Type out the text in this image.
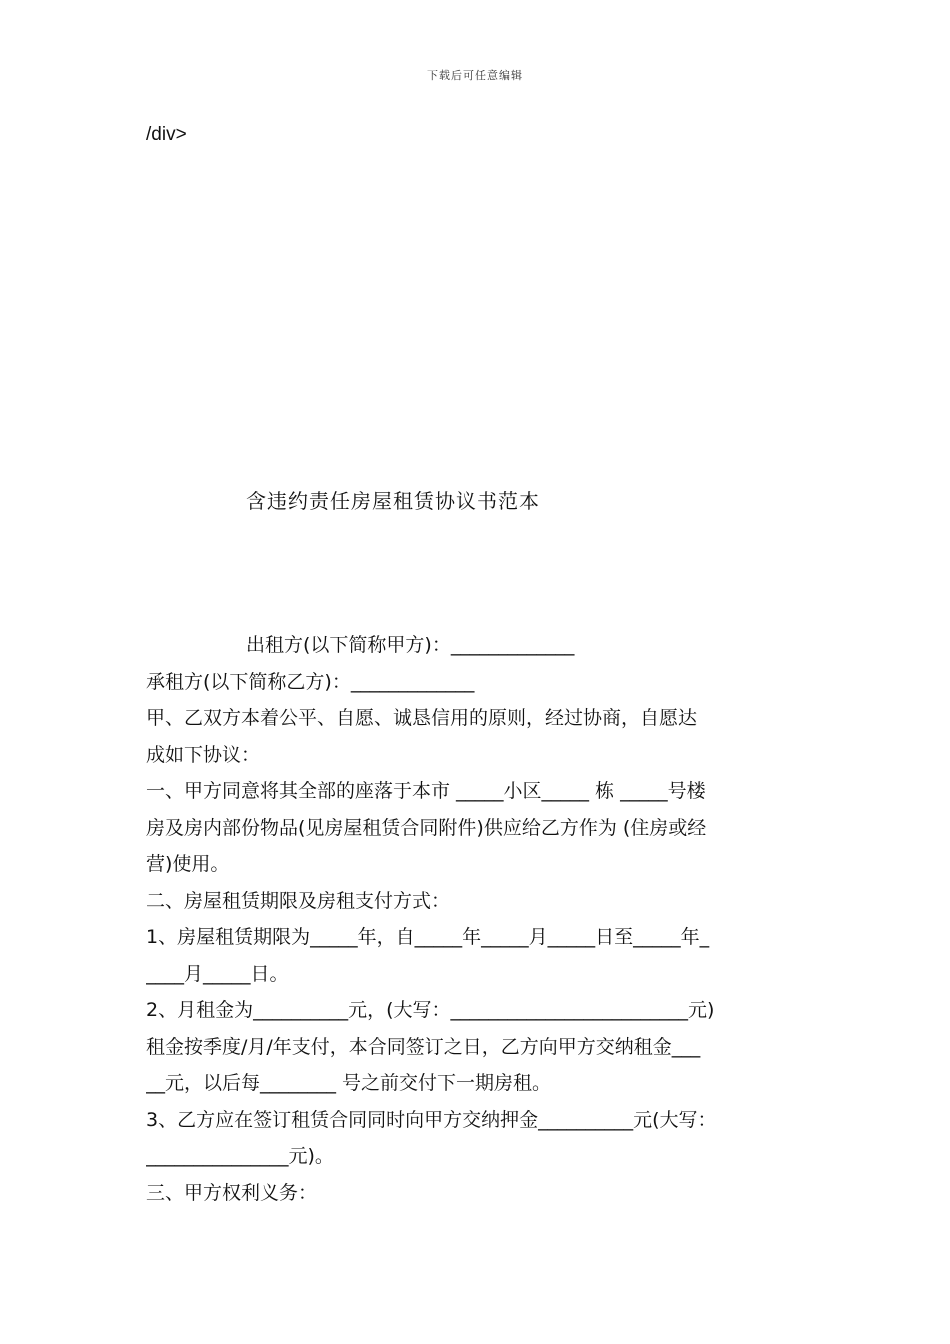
下载后可任意编辑
/div>
含违约责任房屋租赁协议书范本
出租方(以下简称甲方)：_____________
承租方(以下简称乙方)：_____________
甲、乙双方本着公平、自愿、诚恳信用的原则，经过协商，自愿达
成如下协议：
一、甲方同意将其全部的座落于本市 _____小区_____ 栋 _____号楼
房及房内部份物品(见房屋租赁合同附件)供应给乙方作为 (住房或经
营)使用。
二、房屋租赁期限及房租支付方式：
1、房屋租赁期限为_____年，自_____年_____月_____日至_____年_
____月_____日。
2、月租金为__________元，(大写：_________________________元)
租金按季度/月/年支付，本合同签订之日，乙方向甲方交纳租金___
__元，以后每________ 号之前交付下一期房租。
3、乙方应在签订租赁合同同时向甲方交纳押金__________元(大写：
_______________元)。
三、甲方权利义务：
